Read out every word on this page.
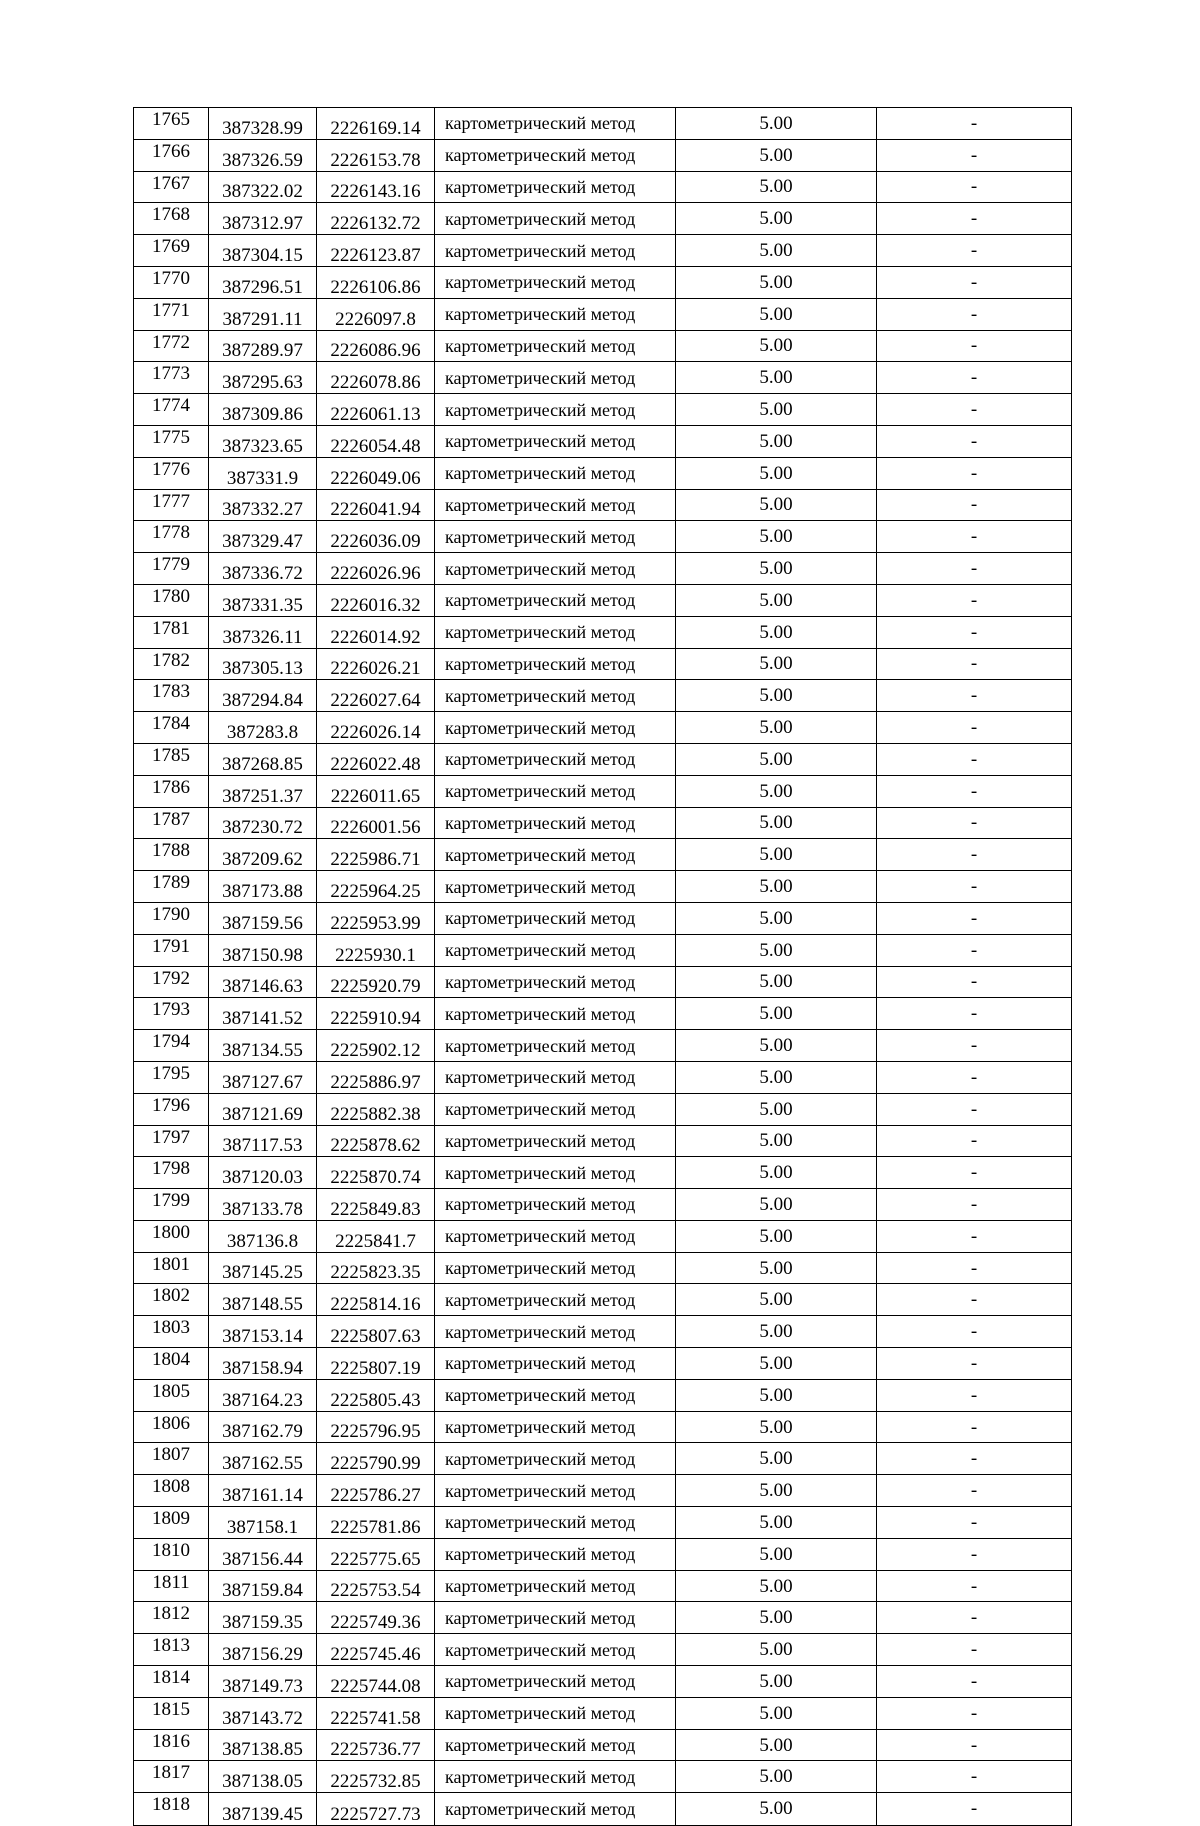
1765	387328.99	2226169.14	картометрический метод	5.00	-
1766	387326.59	2226153.78	картометрический метод	5.00	-
1767	387322.02	2226143.16	картометрический метод	5.00	-
1768	387312.97	2226132.72	картометрический метод	5.00	-
1769	387304.15	2226123.87	картометрический метод	5.00	-
1770	387296.51	2226106.86	картометрический метод	5.00	-
1771	387291.11	2226097.8	картометрический метод	5.00	-
1772	387289.97	2226086.96	картометрический метод	5.00	-
1773	387295.63	2226078.86	картометрический метод	5.00	-
1774	387309.86	2226061.13	картометрический метод	5.00	-
1775	387323.65	2226054.48	картометрический метод	5.00	-
1776	387331.9	2226049.06	картометрический метод	5.00	-
1777	387332.27	2226041.94	картометрический метод	5.00	-
1778	387329.47	2226036.09	картометрический метод	5.00	-
1779	387336.72	2226026.96	картометрический метод	5.00	-
1780	387331.35	2226016.32	картометрический метод	5.00	-
1781	387326.11	2226014.92	картометрический метод	5.00	-
1782	387305.13	2226026.21	картометрический метод	5.00	-
1783	387294.84	2226027.64	картометрический метод	5.00	-
1784	387283.8	2226026.14	картометрический метод	5.00	-
1785	387268.85	2226022.48	картометрический метод	5.00	-
1786	387251.37	2226011.65	картометрический метод	5.00	-
1787	387230.72	2226001.56	картометрический метод	5.00	-
1788	387209.62	2225986.71	картометрический метод	5.00	-
1789	387173.88	2225964.25	картометрический метод	5.00	-
1790	387159.56	2225953.99	картометрический метод	5.00	-
1791	387150.98	2225930.1	картометрический метод	5.00	-
1792	387146.63	2225920.79	картометрический метод	5.00	-
1793	387141.52	2225910.94	картометрический метод	5.00	-
1794	387134.55	2225902.12	картометрический метод	5.00	-
1795	387127.67	2225886.97	картометрический метод	5.00	-
1796	387121.69	2225882.38	картометрический метод	5.00	-
1797	387117.53	2225878.62	картометрический метод	5.00	-
1798	387120.03	2225870.74	картометрический метод	5.00	-
1799	387133.78	2225849.83	картометрический метод	5.00	-
1800	387136.8	2225841.7	картометрический метод	5.00	-
1801	387145.25	2225823.35	картометрический метод	5.00	-
1802	387148.55	2225814.16	картометрический метод	5.00	-
1803	387153.14	2225807.63	картометрический метод	5.00	-
1804	387158.94	2225807.19	картометрический метод	5.00	-
1805	387164.23	2225805.43	картометрический метод	5.00	-
1806	387162.79	2225796.95	картометрический метод	5.00	-
1807	387162.55	2225790.99	картометрический метод	5.00	-
1808	387161.14	2225786.27	картометрический метод	5.00	-
1809	387158.1	2225781.86	картометрический метод	5.00	-
1810	387156.44	2225775.65	картометрический метод	5.00	-
1811	387159.84	2225753.54	картометрический метод	5.00	-
1812	387159.35	2225749.36	картометрический метод	5.00	-
1813	387156.29	2225745.46	картометрический метод	5.00	-
1814	387149.73	2225744.08	картометрический метод	5.00	-
1815	387143.72	2225741.58	картометрический метод	5.00	-
1816	387138.85	2225736.77	картометрический метод	5.00	-
1817	387138.05	2225732.85	картометрический метод	5.00	-
1818	387139.45	2225727.73	картометрический метод	5.00	-
